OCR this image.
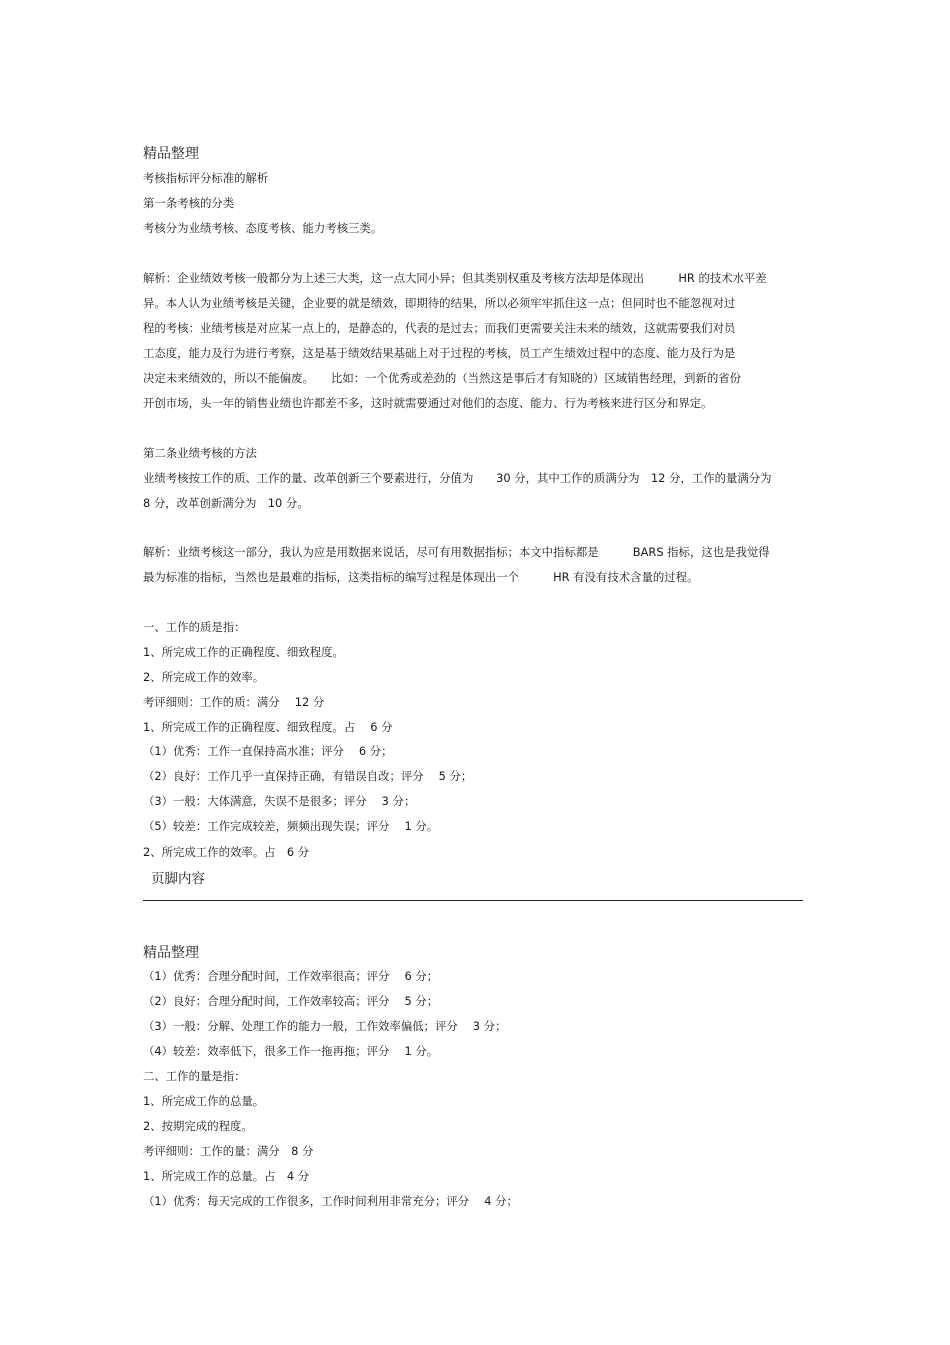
精品整理
考核指标评分标准的解析
第一条考核的分类
考核分为业绩考核、态度考核、能力考核三类。
解析：企业绩效考核一般都分为上述三大类，这一点大同小异；但其类别权重及考核方法却是体现出　　　HR 的技术水平差
异。本人认为业绩考核是关键，企业要的就是绩效，即期待的结果，所以必须牢牢抓住这一点；但同时也不能忽视对过
程的考核：业绩考核是对应某一点上的，是静态的，代表的是过去；而我们更需要关注未来的绩效，这就需要我们对员
工态度，能力及行为进行考察，这是基于绩效结果基础上对于过程的考核，员工产生绩效过程中的态度、能力及行为是
决定未来绩效的，所以不能偏废。　　比如：一个优秀或差劲的（当然这是事后才有知晓的）区域销售经理，到新的省份
开创市场，头一年的销售业绩也许都差不多，这时就需要通过对他们的态度、能力、行为考核来进行区分和界定。
第二条业绩考核的方法
业绩考核按工作的质、工作的量、改革创新三个要素进行，分值为　　30 分，其中工作的质满分为　12 分，工作的量满分为
8 分，改革创新满分为　10 分。
解析：业绩考核这一部分，我认为应是用数据来说话，尽可有用数据指标；本文中指标都是　　　BARS 指标，这也是我觉得
最为标准的指标，当然也是最难的指标，这类指标的编写过程是体现出一个　　　HR 有没有技术含量的过程。
一、工作的质是指：
1、所完成工作的正确程度、细致程度。
2、所完成工作的效率。
考评细则：工作的质：满分　 12 分
1、所完成工作的正确程度、细致程度。占　 6 分
（1）优秀：工作一直保持高水准；评分　 6 分；
（2）良好：工作几乎一直保持正确，有错误自改；评分　 5 分；
（3）一般：大体满意，失误不是很多；评分　 3 分；
（5）较差：工作完成较差，频频出现失误；评分　 1 分。
2、所完成工作的效率。占　6 分
页脚内容
精品整理
（1）优秀：合理分配时间，工作效率很高；评分　 6 分；
（2）良好：合理分配时间，工作效率较高；评分　 5 分；
（3）一般：分解、处理工作的能力一般，工作效率偏低；评分　 3 分；
（4）较差：效率低下，很多工作一拖再拖；评分　 1 分。
二、工作的量是指：
1、所完成工作的总量。
2、按期完成的程度。
考评细则：工作的量：满分　8 分
1、所完成工作的总量。占　4 分
（1）优秀：每天完成的工作很多，工作时间利用非常充分；评分　 4 分；
